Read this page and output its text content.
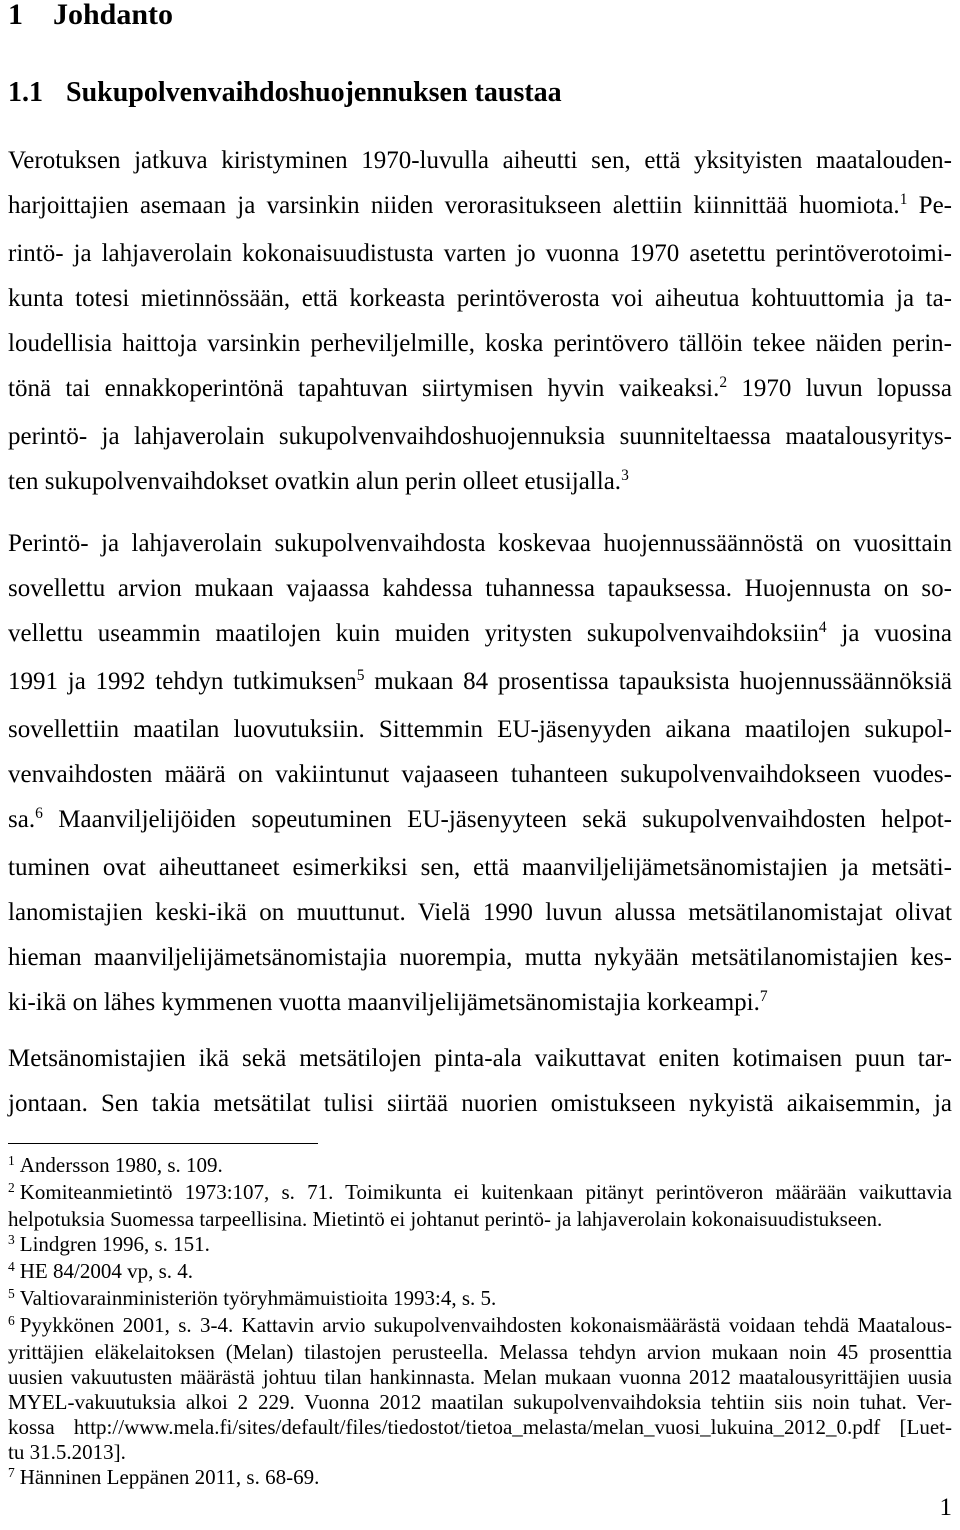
1 Johdanto
1.1 Sukupolvenvaihdoshuojennuksen taustaa
Verotuksen jatkuva kiristyminen 1970-luvulla aiheutti sen, että yksityisten maatalouden-
harjoittajien asemaan ja varsinkin niiden verorasitukseen alettiin kiinnittää huomiota.$^1$ Pe-
rintö- ja lahjaverolain kokonaisuudistusta varten jo vuonna 1970 asetettu perintöverotoimi-
kunta totesi mietinnössään, että korkeasta perintöverosta voi aiheutua kohtuuttomia ja ta-
loudellisia haittoja varsinkin perheviljelmille, koska perintövero tällöin tekee näiden perin-
tönä tai ennakkoperintönä tapahtuvan siirtymisen hyvin vaikeaksi.$^2$ 1970 luvun lopussa
perintö- ja lahjaverolain sukupolvenvaihdoshuojennuksia suunniteltaessa maatalousyritys-
ten sukupolvenvaihdokset ovatkin alun perin olleet etusijalla.$^3$
Perintö- ja lahjaverolain sukupolvenvaihdosta koskevaa huojennussäännöstä on vuosittain
sovellettu arvion mukaan vajaassa kahdessa tuhannessa tapauksessa. Huojennusta on so-
vellettu useammin maatilojen kuin muiden yritysten sukupolvenvaihdoksiin$^4$ ja vuosina
1991 ja 1992 tehdyn tutkimuksen$^5$ mukaan 84 prosentissa tapauksista huojennussäännöksiä
sovellettiin maatilan luovutuksiin. Sittemmin EU-jäsenyyden aikana maatilojen sukupol-
venvaihdosten määrä on vakiintunut vajaaseen tuhanteen sukupolvenvaihdokseen vuodes-
sa.$^6$ Maanviljelijöiden sopeutuminen EU-jäsenyyteen sekä sukupolvenvaihdosten helpot-
tuminen ovat aiheuttaneet esimerkiksi sen, että maanviljelijämetsänomistajien ja metsäti-
lanomistajien keski-ikä on muuttunut. Vielä 1990 luvun alussa metsätilanomistajat olivat
hieman maanviljelijämetsänomistajia nuorempia, mutta nykyään metsätilanomistajien kes-
ki-ikä on lähes kymmenen vuotta maanviljelijämetsänomistajia korkeampi.$^7$
Metsänomistajien ikä sekä metsätilojen pinta-ala vaikuttavat eniten kotimaisen puun tar-
jontaan. Sen takia metsätilat tulisi siirtää nuorien omistukseen nykyistä aikaisemmin, ja
$^1$ Andersson 1980, s. 109.
$^2$ Komiteanmietintö 1973:107, s. 71. Toimikunta ei kuitenkaan pitänyt perintöveron määrään vaikuttavia
helpotuksia Suomessa tarpeellisina. Mietintö ei johtanut perintö- ja lahjaverolain kokonaisuudistukseen.
$^3$ Lindgren 1996, s. 151.
$^4$ HE 84/2004 vp, s. 4.
$^5$ Valtiovarainministeriön työryhmämuistioita 1993:4, s. 5.
$^6$ Pyykkönen 2001, s. 3-4. Kattavin arvio sukupolvenvaihdosten kokonaismäärästä voidaan tehdä Maatalous-
yrittäjien eläkelaitoksen (Melan) tilastojen perusteella. Melassa tehdyn arvion mukaan noin 45 prosenttia
uusien vakuutusten määrästä johtuu tilan hankinnasta. Melan mukaan vuonna 2012 maatalousyrittäjien uusia
MYEL-vakuutuksia alkoi 2 229. Vuonna 2012 maatilan sukupolvenvaihdoksia tehtiin siis noin tuhat. Ver-
kossa http://www.mela.fi/sites/default/files/tiedostot/tietoa_melasta/melan_vuosi_lukuina_2012_0.pdf [Luet-
tu 31.5.2013].
$^7$ Hänninen Leppänen 2011, s. 68-69.
1
